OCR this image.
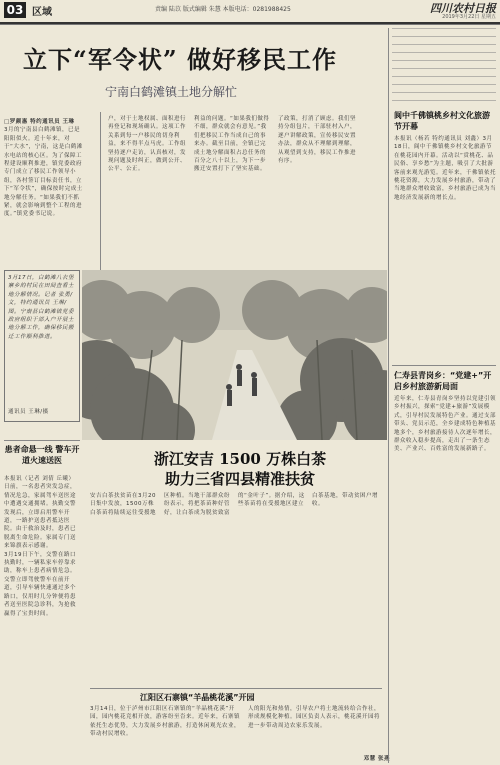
03 区域	责编 陆苡 版式编辑 朱慧 本版电话：0281988425	四川农村日报
2019年3月22日 星期五
立下“军令状” 做好移民工作
宁南白鹤滩镇土地分解忙

□罗颜惠 特约通讯员 王琳

3月的宁南县白鹤滩镇，已是阳阳似火。近十年来，对于“大水”，宁南，这是白鹤滩水电站的核心区。为了保障工程建设顺利推进，镇党委政府专门成立了移民工作领导小组，各村签订目标责任书，立下“军令状”，确保按时完成土地分解任务。“如果我们不抓紧，就会影响到整个工程的进度。”镇党委书记说。

户，对于土地权属、面积进行再登记和现场确认。这项工作关系到每一户移民的切身利益，来不得半点马虎。工作组坚持逐户走访，认真核对，发现问题及时纠正，做到公开、公平、公正。
利益的问题。“如果我们做得不细，群众就会有意见。”我们把移民工作当成自己的事来办。截至目前，全镇已完成土地分解面积占总任务的百分之八十以上，为下一步搬迁安置打下了坚实基础。
了政策，打消了顾虑。我们坚持分组包片，干部驻村入户，逐户讲解政策，宣传移民安置办法，群众从不理解到理解，从观望到支持，移民工作推进有序。
3月17日，白鹤滩八衣堡寨乡的村民在田间查看土地分解情况。记者 张勇/文，特约通讯员 王琳/图。宁南县白鹤滩镇党委政府组织干部入户开展土地分解工作，确保移民搬迁工作顺利推进。
通讯员 王琳/摄
患者命悬一线 警车开道火速送医

本报讯（记者 刘倩 丘曦）日前，一名患者突发急症，情况危急，家属驾车送医途中遭遇交通拥堵。执勤交警发现后，立即启用警车开道，一路护送患者抵达医院。由于救治及时，患者已脱离生命危险。家属专门送来锦旗表示感谢。

3月19日下午，交警在路口执勤时，一辆私家车停靠求助，称车上患者病情危急。交警立即驾驶警车在前开道，引导车辆快速通过多个路口，仅用时几分钟便将患者送至医院急诊科，为抢救赢得了宝贵时间。

浙江安吉 1500 万株白茶
助力三省四县精准扶贫
安吉白茶扶贫苗在3月20日集中发放，1500万株白茶苗将陆续运往受援地区种植。当地干部群众纷纷表示，将把茶苗种好管好，让白茶成为脱贫致富的“金叶子”。据介绍，这些茶苗将在受援地区建立白茶基地，带动贫困户增收。
江阳区石寨镇“羊晶桃花溪”开园
3月14日，位于泸州市江阳区石寨镇的“羊晶桃花溪”开园，园内桃花竞相开放，游客纷至沓来。近年来，石寨镇依托生态优势，大力发展乡村旅游，打造休闲观光农业，带动村民增收。
人的阳光和热情，引导农户将土地流转给合作社，形成规模化种植。园区负责人表示，桃花溪开园将进一步带动周边农家乐发展。
邓慧 张燕
阆中千佛镇桃乡村文化旅游节开幕
本报讯（杨若 特约通讯员 刘鑫）3月18日，阆中千佛镇桃乡村文化旅游节在桃花园内开幕。活动以“赏桃花、品民俗、享乡愁”为主题，吸引了大批游客前来观光游览。近年来，千佛镇依托桃花资源，大力发展乡村旅游，带动了当地群众增收致富，乡村旅游已成为当地经济发展新的增长点。
仁寿县青岗乡：“党建+”开启乡村旅游新局面
近年来，仁寿县青岗乡坚持以党建引领乡村振兴，探索“党建+旅游”发展模式，引导村民发展特色产业。通过支部带头、党员示范，全乡建成特色种植基地多个，乡村旅游接待人次逐年增长，群众收入稳步提高，走出了一条生态美、产业兴、百姓富的发展新路子。
